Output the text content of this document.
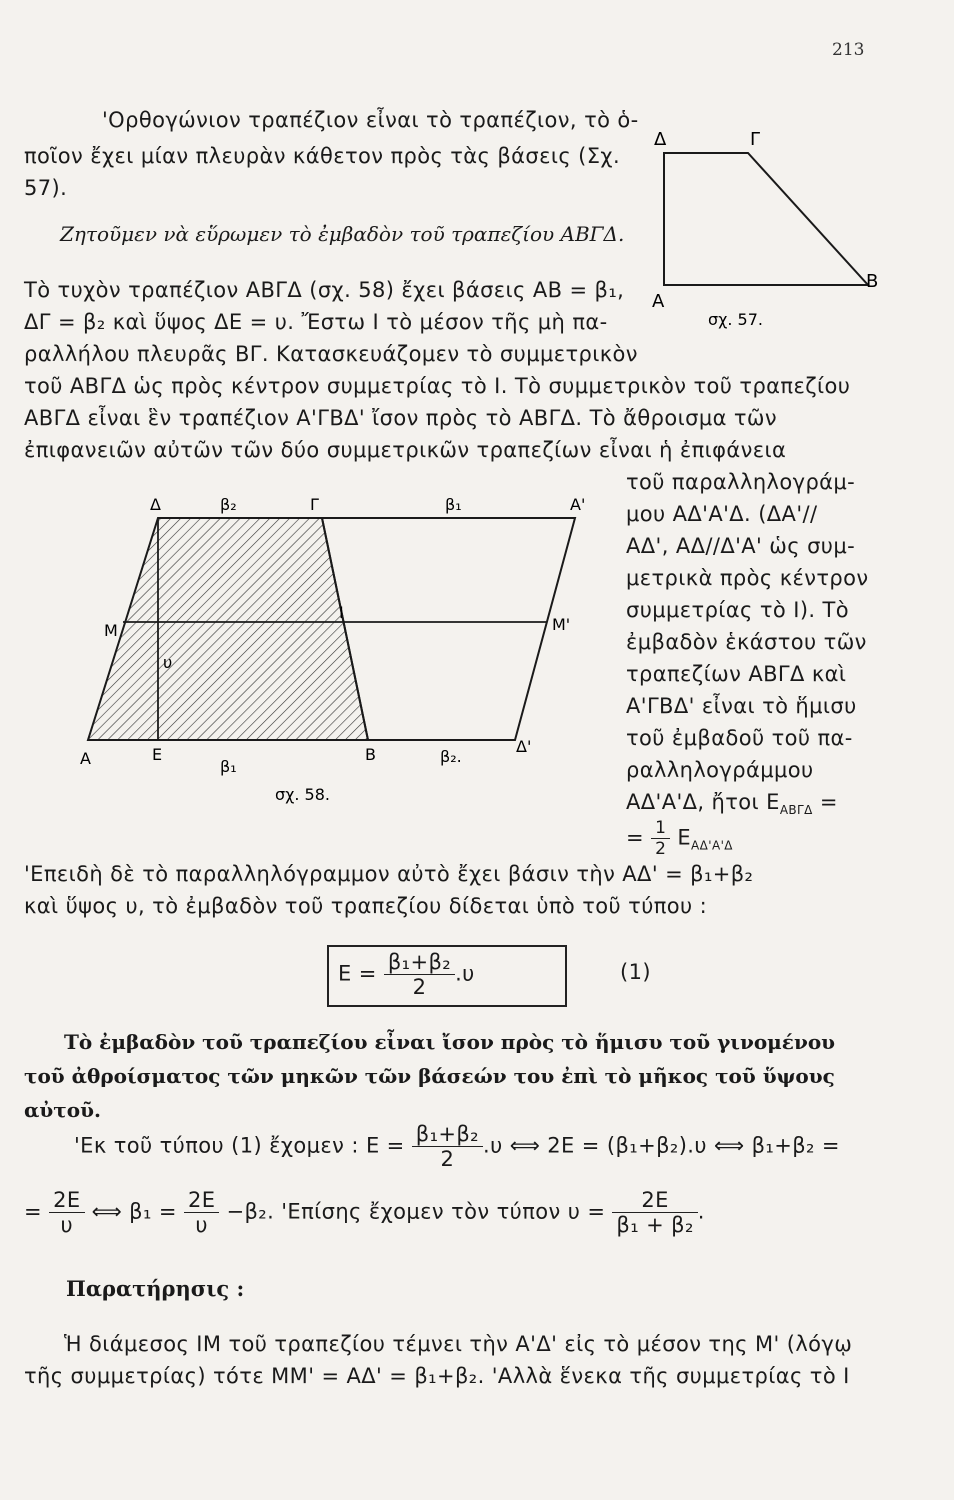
213
'Ορθογώνιον τραπέζιον εἶναι τὸ τραπέζιον, τὸ ὁ-
ποῖον ἔχει μίαν πλευρὰν κάθετον πρὸς τὰς βάσεις (Σχ.
57).
Ζητοῦμεν νὰ εὕρωμεν τὸ ἐμβαδὸν τοῦ τραπεζίου ΑΒΓΔ.
Δ	Γ
Α
Β
σχ. 57.
Τὸ τυχὸν τραπέζιον ΑΒΓΔ (σχ. 58) ἔχει βάσεις ΑΒ = β₁,
ΔΓ = β₂ καὶ ὕψος ΔΕ = υ. Ἔστω Ι τὸ μέσον τῆς μὴ πα-
ραλλήλου πλευρᾶς ΒΓ. Κατασκευάζομεν τὸ συμμετρικὸν
τοῦ ΑΒΓΔ ὡς πρὸς κέντρον συμμετρίας τὸ Ι. Τὸ συμμετρικὸν τοῦ τραπεζίου
ΑΒΓΔ εἶναι ἓν τραπέζιον Α'ΓΒΔ' ἴσον πρὸς τὸ ΑΒΓΔ. Τὸ ἄθροισμα τῶν
ἐπιφανειῶν αὐτῶν τῶν δύο συμμετρικῶν τραπεζίων εἶναι ἡ ἐπιφάνεια
Δ	β₂	Γ	β₁	Α'
Μ
Ι
Μ'
υ
Α	Ε
β₁
Β	β₂.
Δ'
σχ. 58.
τοῦ παραλληλογράμ-
μου ΑΔ'Α'Δ. (ΔΑ'//
ΑΔ', ΑΔ//Δ'Α' ὡς συμ-
μετρικὰ πρὸς κέντρον
συμμετρίας τὸ Ι). Τὸ
ἐμβαδὸν ἑκάστου τῶν
τραπεζίων ΑΒΓΔ καὶ
Α'ΓΒΔ' εἶναι τὸ ἥμισυ
τοῦ ἐμβαδοῦ τοῦ πα-
ραλληλογράμμου
ΑΔ'Α'Δ, ἤτοι $E_{AB\Gamma\Delta}$ =
= $\frac{1}{2} E_{A\Delta'A'\Delta}$
'Επειδὴ δὲ τὸ παραλληλόγραμμον αὐτὸ ἔχει βάσιν τὴν ΑΔ' = β₁+β₂
καὶ ὕψος υ, τὸ ἐμβαδὸν τοῦ τραπεζίου δίδεται ὑπὸ τοῦ τύπου :
$E = \frac{\text{β₁+β₂}}{2} .\upsilon$	(1)
Τὸ ἐμβαδὸν τοῦ τραπεζίου εἶναι ἴσον πρὸς τὸ ἥμισυ τοῦ γινομένου
τοῦ ἀθροίσματος τῶν μηκῶν τῶν βάσεών του ἐπὶ τὸ μῆκος τοῦ ὕψους
αὐτοῦ.
'Εκ τοῦ τύπου (1) ἔχομεν : $E = \frac{\text{β₁+β₂}}{2} .\upsilon$ ⟺ 2Ε = (β₁+β₂).υ ⟺ β₁+β₂ =
= $\frac{2E}{\upsilon}$ ⟺ $\beta_1 = \frac{2E}{\upsilon} -\beta_2$. 'Επίσης ἔχομεν τὸν τύπον $\upsilon = \frac{2E}{\text{β₁ + β₂}}$ .
Παρατήρησις :
Ἡ διάμεσος ΙΜ τοῦ τραπεζίου τέμνει τὴν Α'Δ' εἰς τὸ μέσον της Μ' (λόγῳ
τῆς συμμετρίας) τότε ΜΜ' = ΑΔ' = β₁+β₂. 'Αλλὰ ἕνεκα τῆς συμμετρίας τὸ Ι
